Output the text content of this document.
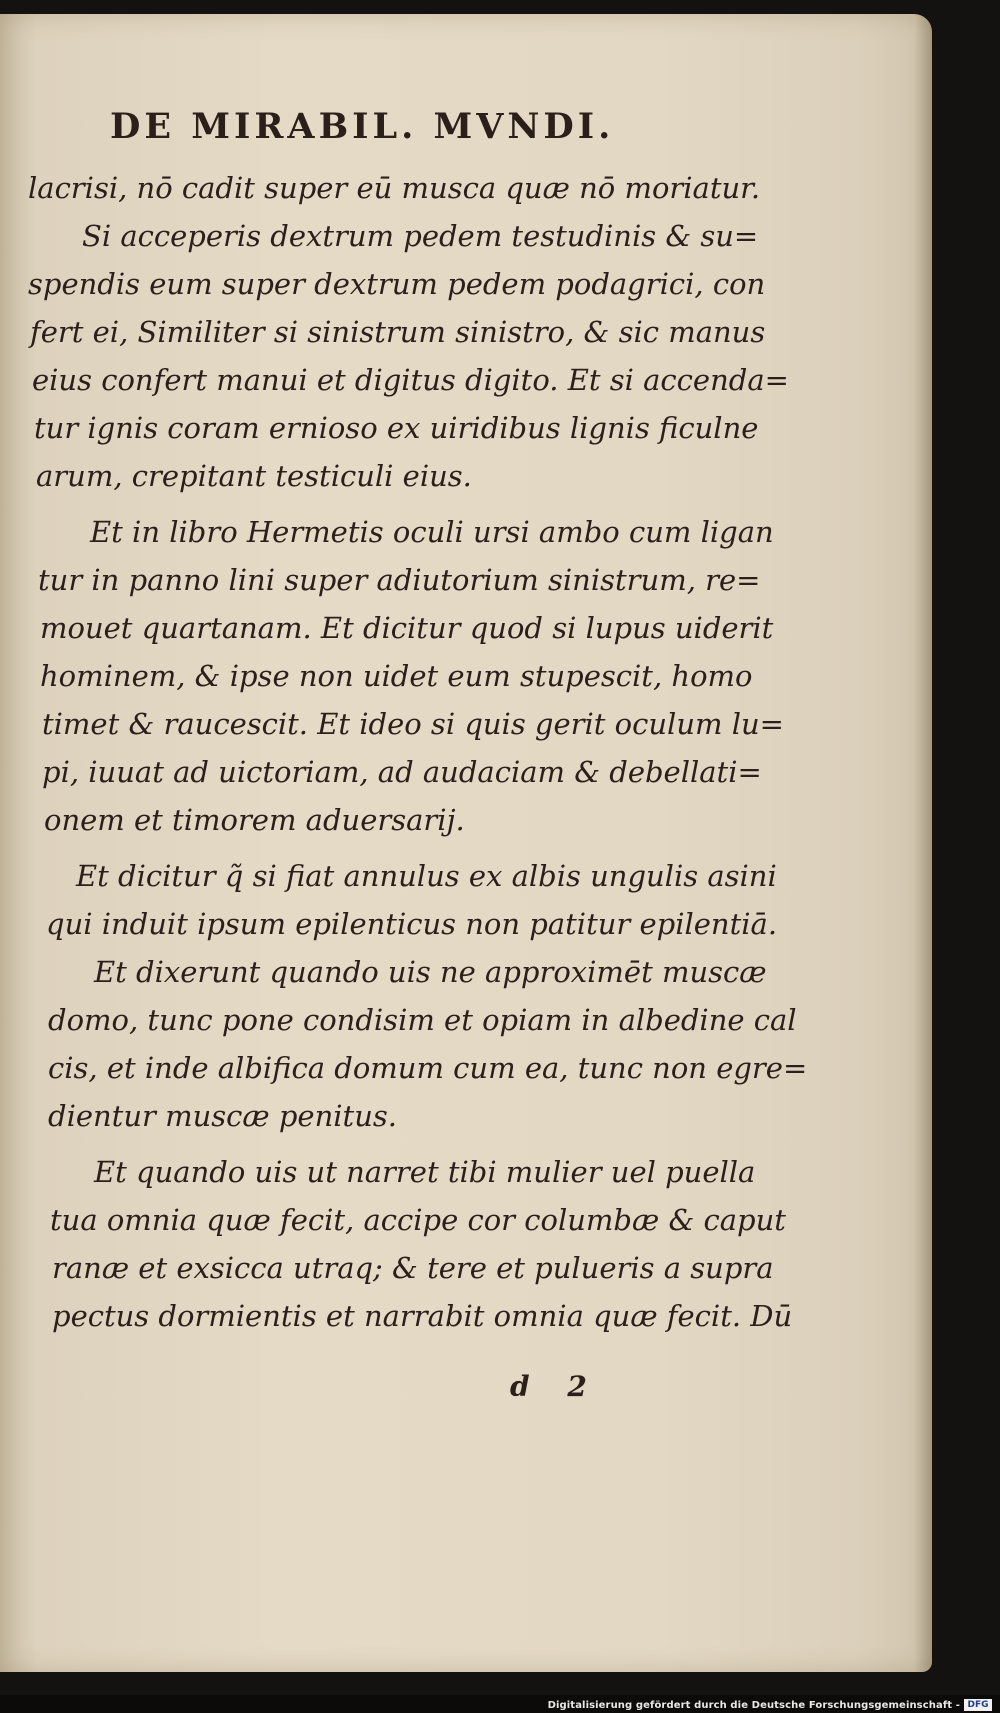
DE MIRABIL. MVNDI.
lacrisi, nō cadit super eū musca quæ nō moriatur.
Si acceperis dextrum pedem testudinis & su=
spendis eum super dextrum pedem podagrici, con
fert ei, Similiter si sinistrum sinistro, & sic manus
eius confert manui et digitus digito. Et si accenda=
tur ignis coram ernioso ex uiridibus lignis ficulne
arum, crepitant testiculi eius.
Et in libro Hermetis oculi ursi ambo cum ligan
tur in panno lini super adiutorium sinistrum, re=
mouet quartanam. Et dicitur quod si lupus uiderit
hominem, & ipse non uidet eum stupescit, homo
timet & raucescit. Et ideo si quis gerit oculum lu=
pi, iuuat ad uictoriam, ad audaciam & debellati=
onem et timorem aduersarij.
Et dicitur q̃ si fiat annulus ex albis ungulis asini
qui induit ipsum epilenticus non patitur epilentiā.
Et dixerunt quando uis ne approximēt muscæ
domo, tunc pone condisim et opiam in albedine cal
cis, et inde albifica domum cum ea, tunc non egre=
dientur muscæ penitus.
Et quando uis ut narret tibi mulier uel puella
tua omnia quæ fecit, accipe cor columbæ & caput
ranæ et exsicca utraq; & tere et pulueris a supra
pectus dormientis et narrabit omnia quæ fecit. Dū
d 2
Digitalisierung gefördert durch die Deutsche Forschungsgemeinschaft - DFG
